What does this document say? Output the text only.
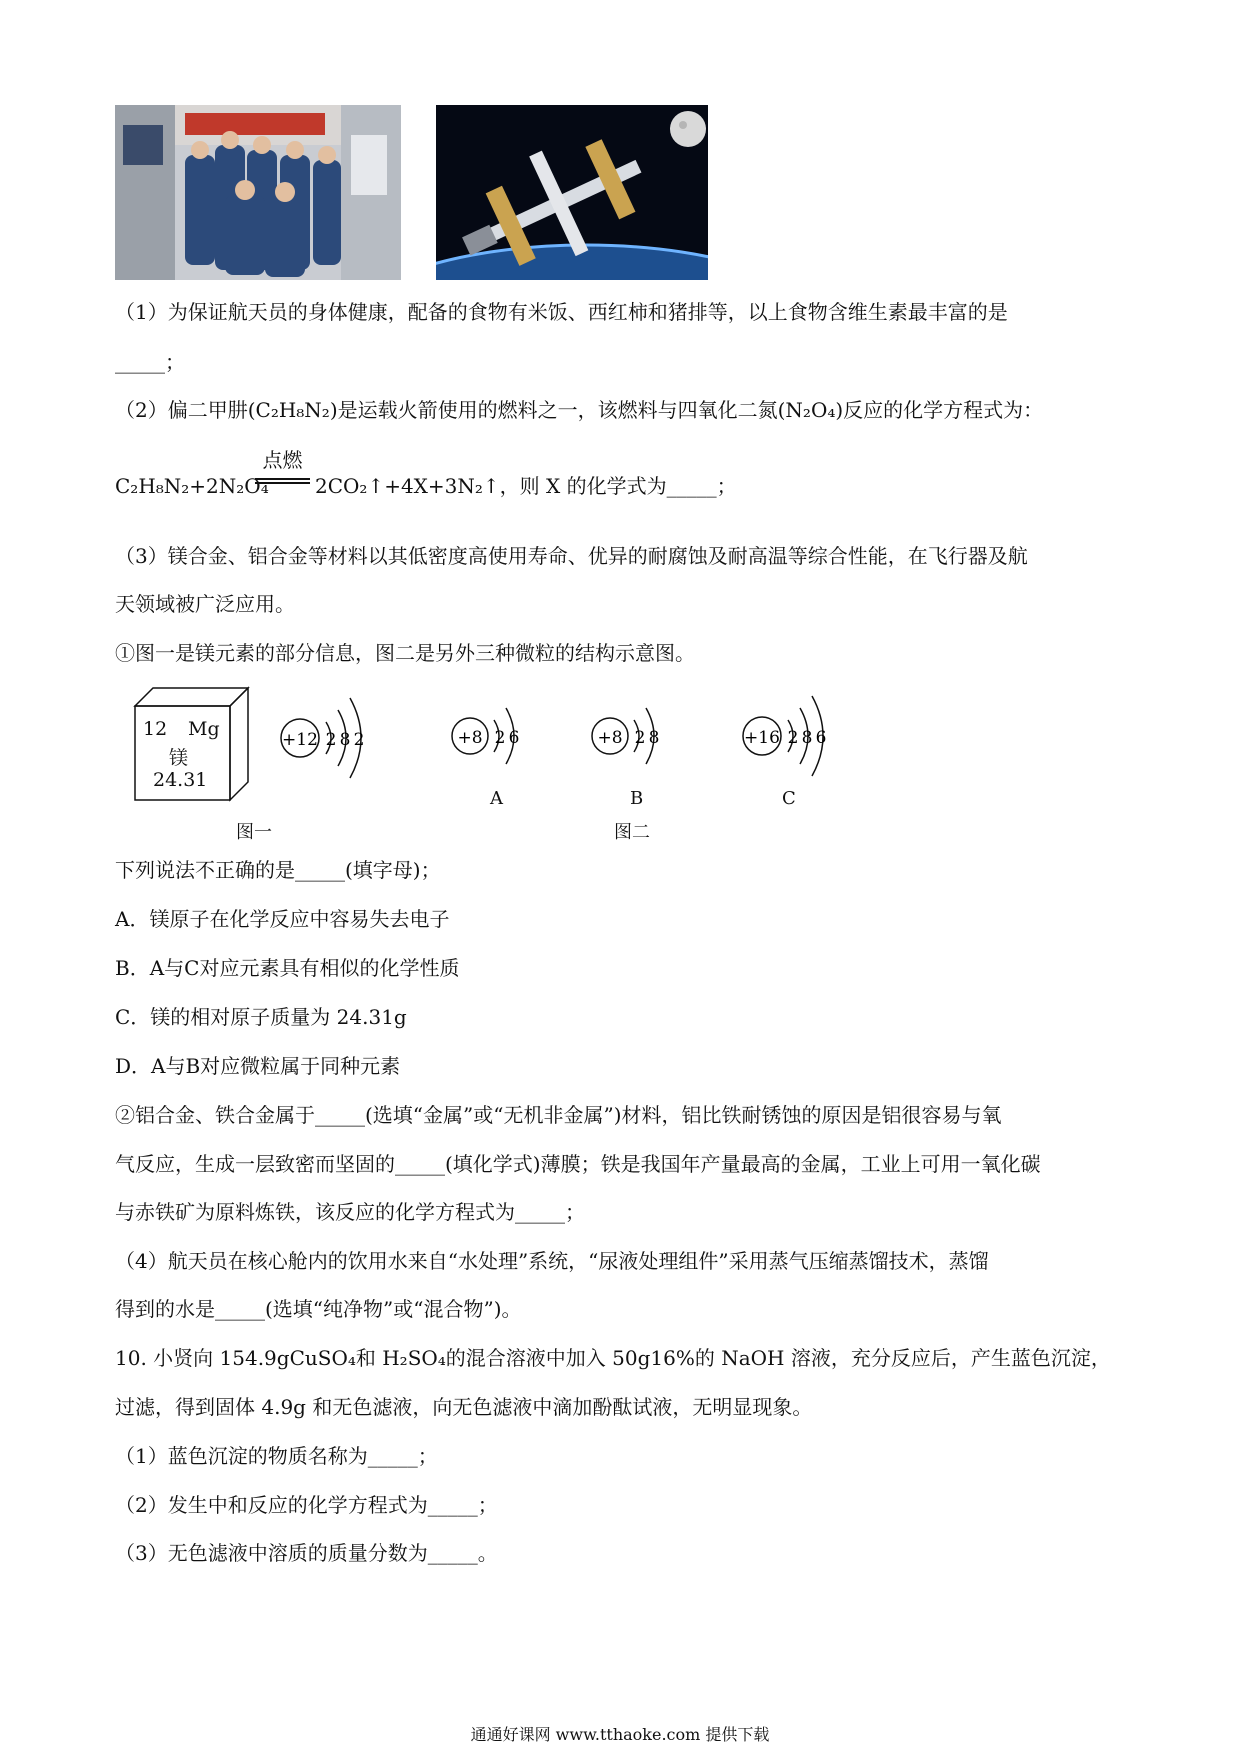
（1）为保证航天员的身体健康，配备的食物有米饭、西红柿和猪排等，以上食物含维生素最丰富的是
_____；
（2）偏二甲肼(C₂H₈N₂)是运载火箭使用的燃料之一，该燃料与四氧化二氮(N₂O₄)反应的化学方程式为：
C₂H₈N₂+2N₂O₄
点燃
2CO₂↑+4X+3N₂↑，则 X 的化学式为_____；
（3）镁合金、铝合金等材料以其低密度高使用寿命、优异的耐腐蚀及耐高温等综合性能，在飞行器及航
天领域被广泛应用。
①图一是镁元素的部分信息，图二是另外三种微粒的结构示意图。
12 Mg
镁
24.31
+12 2 8 2	+8 2 6
A
+8 2 8
B
+16 2 8 6
C
图一	图二
下列说法不正确的是_____(填字母)；
A．镁原子在化学反应中容易失去电子
B．A与C对应元素具有相似的化学性质
C．镁的相对原子质量为 24.31g
D．A与B对应微粒属于同种元素
②铝合金、铁合金属于_____(选填“金属”或“无机非金属”)材料，铝比铁耐锈蚀的原因是铝很容易与氧
气反应，生成一层致密而坚固的_____(填化学式)薄膜；铁是我国年产量最高的金属，工业上可用一氧化碳
与赤铁矿为原料炼铁，该反应的化学方程式为_____；
（4）航天员在核心舱内的饮用水来自“水处理”系统，“尿液处理组件”采用蒸气压缩蒸馏技术，蒸馏
得到的水是_____(选填“纯净物”或“混合物”)。
10. 小贤向 154.9gCuSO₄和 H₂SO₄的混合溶液中加入 50g16%的 NaOH 溶液，充分反应后，产生蓝色沉淀，
过滤，得到固体 4.9g 和无色滤液，向无色滤液中滴加酚酞试液，无明显现象。
（1）蓝色沉淀的物质名称为_____；
（2）发生中和反应的化学方程式为_____；
（3）无色滤液中溶质的质量分数为_____。
通通好课网 www.tthaoke.com 提供下载
